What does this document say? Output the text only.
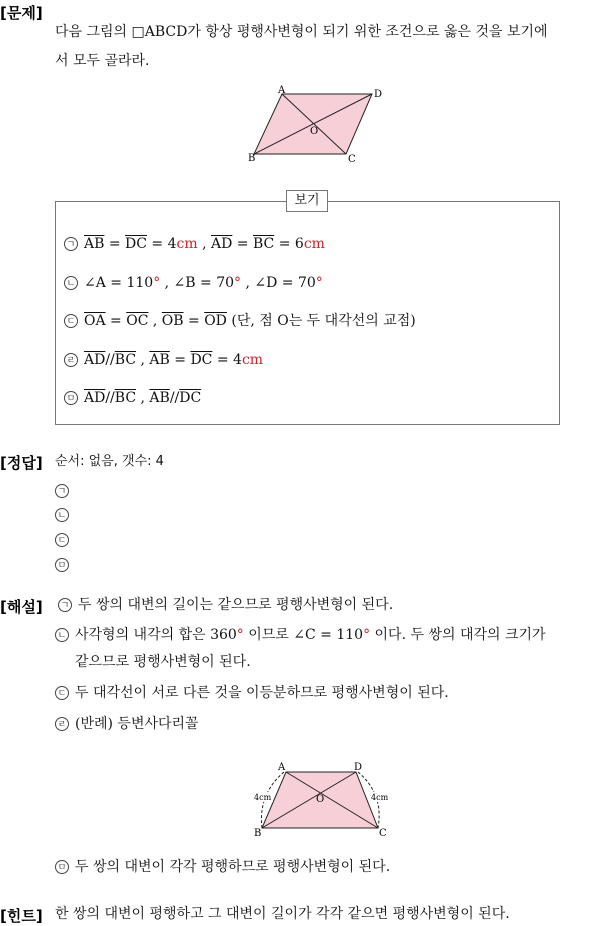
[문제]
다음 그림의 □ABCD가 항상 평행사변형이 되기 위한 조건으로 옳은 것을 보기에
서 모두 골라라.
A
B	C
D
O
보기
ㄱ $\overline{AB} = \overline{DC} = 4cm$ , $\overline{AD} = \overline{BC} = 6cm$
ㄴ ∠A = 110° , ∠B = 70° , ∠D = 70°
ㄷ $\overline{OA} = \overline{OC}$ , $\overline{OB} = \overline{OD}$ (단, 점 O는 두 대각선의 교점)
ㄹ $\overline{AD}//\overline{BC}$ , $\overline{AB} = \overline{DC} = 4cm$
ㅁ $\overline{AD}//\overline{BC}$ , $\overline{AB}//\overline{DC}$
[정답] 순서: 없음, 갯수: 4
ㄱ
ㄴ
ㄷ
ㅁ
[해설] ㄱ 두 쌍의 대변의 길이는 같으므로 평행사변형이 된다.
ㄴ 사각형의 내각의 합은 360° 이므로 ∠C = 110° 이다. 두 쌍의 대각의 크기가
같으므로 평행사변형이 된다.
ㄷ 두 대각선이 서로 다른 것을 이등분하므로 평행사변형이 된다.
ㄹ (반례) 등변사다리꼴
4cm	4cm
A	D
B	C
O
ㅁ 두 쌍의 대변이 각각 평행하므로 평행사변형이 된다.
[힌트] 한 쌍의 대변이 평행하고 그 대변이 길이가 각각 같으면 평행사변형이 된다.
